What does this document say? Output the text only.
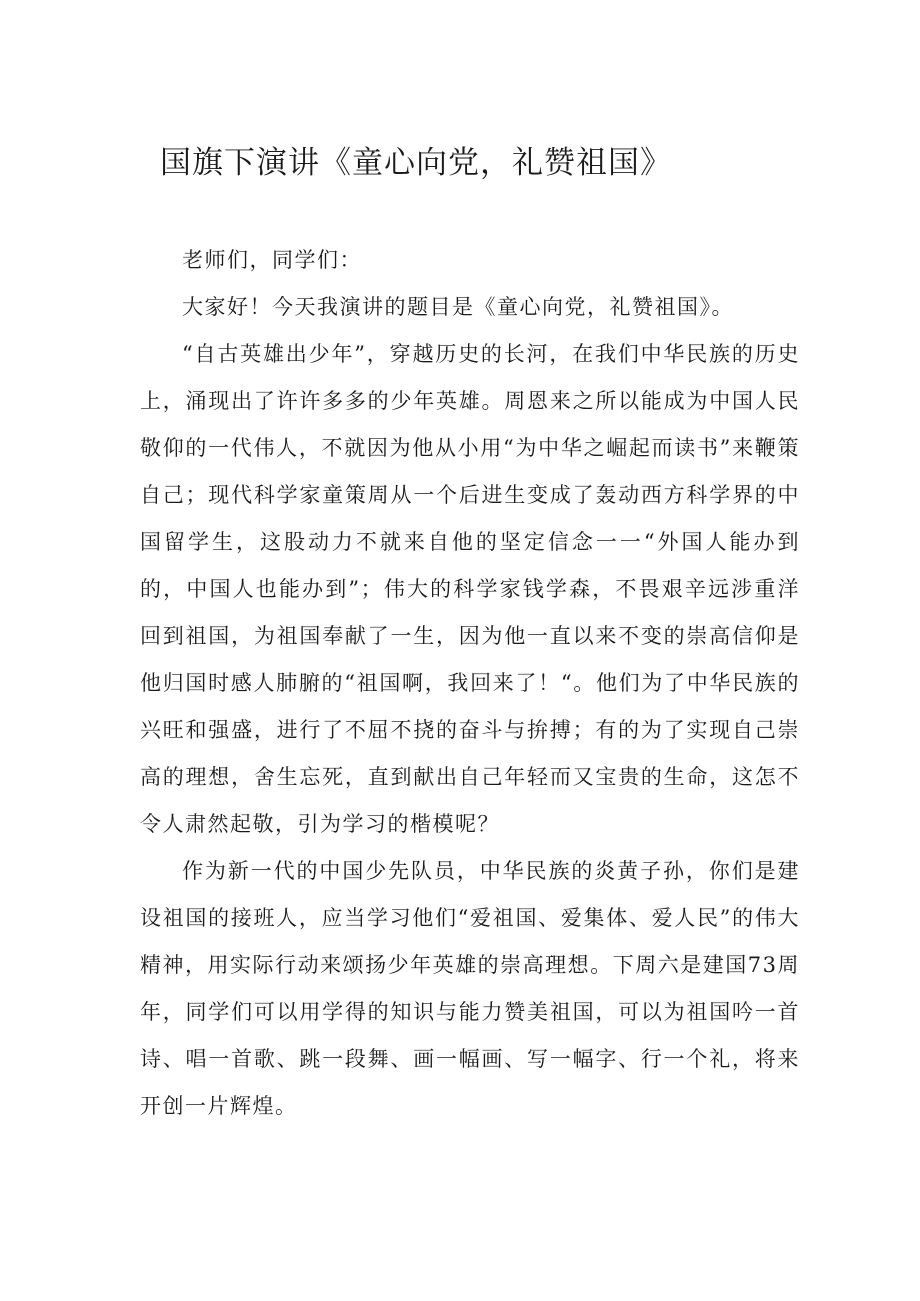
国旗下演讲《童心向党，礼赞祖国》

老师们，同学们：

大家好！今天我演讲的题目是《童心向党，礼赞祖国》。

“自古英雄出少年”，穿越历史的长河，在我们中华民族的历史上，涌现出了许许多多的少年英雄。周恩来之所以能成为中国人民敬仰的一代伟人，不就因为他从小用“为中华之崛起而读书”来鞭策自己；现代科学家童策周从一个后进生变成了轰动西方科学界的中国留学生，这股动力不就来自他的坚定信念一一“外国人能办到的，中国人也能办到”；伟大的科学家钱学森，不畏艰辛远涉重洋回到祖国，为祖国奉献了一生，因为他一直以来不变的崇高信仰是他归国时感人肺腑的“祖国啊，我回来了！“。他们为了中华民族的兴旺和强盛，进行了不屈不挠的奋斗与拚搏；有的为了实现自己崇高的理想，舍生忘死，直到献出自己年轻而又宝贵的生命，这怎不令人肃然起敬，引为学习的楷模呢？

作为新一代的中国少先队员，中华民族的炎黄子孙，你们是建设祖国的接班人，应当学习他们“爱祖国、爱集体、爱人民”的伟大精神，用实际行动来颂扬少年英雄的崇高理想。下周六是建国73周年，同学们可以用学得的知识与能力赞美祖国，可以为祖国吟一首诗、唱一首歌、跳一段舞、画一幅画、写一幅字、行一个礼，将来开创一片辉煌。
